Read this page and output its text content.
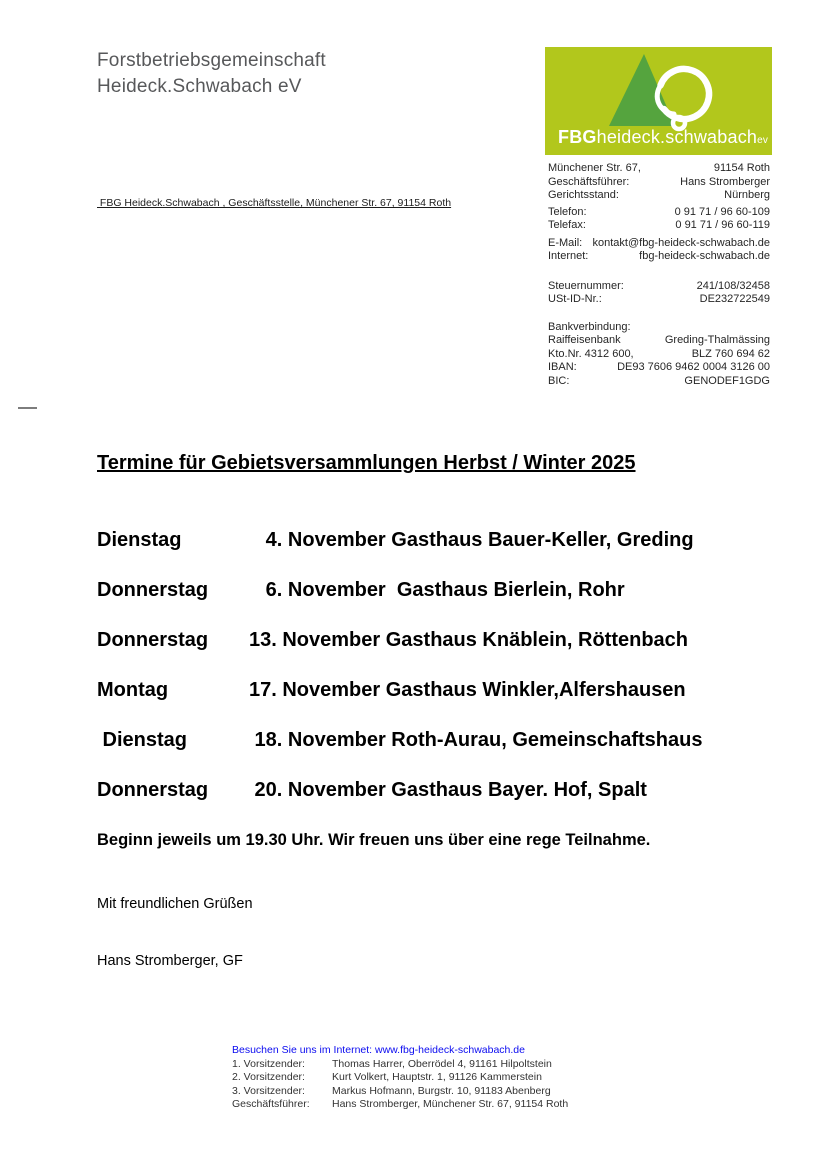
Forstbetriebsgemeinschaft
Heideck.Schwabach eV
FBGheideck.schwabachev
FBG Heideck.Schwabach , Geschäftsstelle, Münchener Str. 67, 91154 Roth
Münchener Str. 67,	91154 Roth
Geschäftsführer:	Hans Stromberger
Gerichtsstand:	Nürnberg
Telefon:	0 91 71 / 96 60-109
Telefax:	0 91 71 / 96 60-119
E-Mail: kontakt@fbg-heideck-schwabach.de
Internet:	fbg-heideck-schwabach.de
Steuernummer:	241/108/32458
USt-ID-Nr.:	DE232722549
Bankverbindung:
Raiffeisenbank	Greding-Thalmässing
Kto.Nr. 4312 600,	BLZ 760 694 62
IBAN:	DE93 7606 9462 0004 3126 00
BIC:	GENODEF1GDG
Termine für Gebietsversammlungen Herbst / Winter 2025
Dienstag	4. November Gasthaus Bauer-Keller, Greding
Donnerstag	6. November  Gasthaus Bierlein, Rohr
Donnerstag	13. November Gasthaus Knäblein, Röttenbach
Montag	17. November Gasthaus Winkler,Alfershausen
Dienstag	18. November Roth-Aurau, Gemeinschaftshaus
Donnerstag	20. November Gasthaus Bayer. Hof, Spalt
Beginn jeweils um 19.30 Uhr. Wir freuen uns über eine rege Teilnahme.
Mit freundlichen Grüßen
Hans Stromberger, GF
Besuchen Sie uns im Internet: www.fbg-heideck-schwabach.de
1. Vorsitzender:	Thomas Harrer, Oberrödel 4, 91161 Hilpoltstein
2. Vorsitzender:	Kurt Volkert, Hauptstr. 1, 91126 Kammerstein
3. Vorsitzender:	Markus Hofmann, Burgstr. 10, 91183 Abenberg
Geschäftsführer:	Hans Stromberger, Münchener Str. 67, 91154 Roth
